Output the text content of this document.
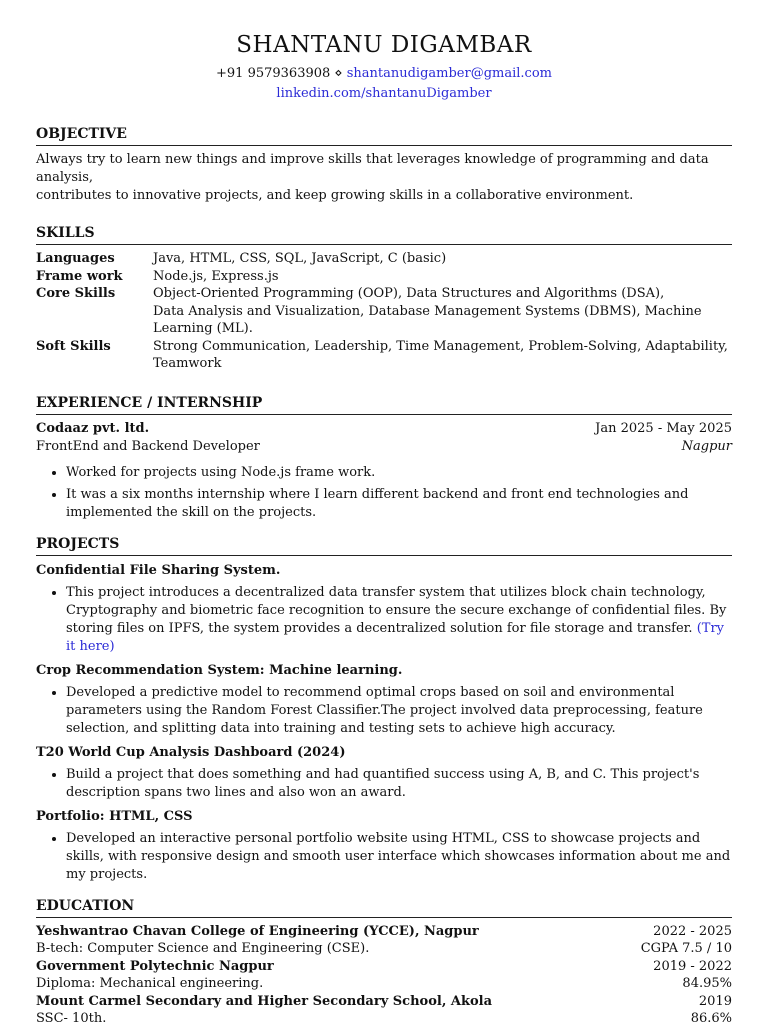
SHANTANU DIGAMBAR
+91 9579363908 ⋄ shantanudigamber@gmail.com
linkedin.com/shantanuDigamber
OBJECTIVE
Always try to learn new things and improve skills that leverages knowledge of programming and data analysis,
contributes to innovative projects, and keep growing skills in a collaborative environment.
SKILLS
Languages	Java, HTML, CSS, SQL, JavaScript, C (basic)
Frame work	Node.js, Express.js
Core Skills	Object-Oriented Programming (OOP), Data Structures and Algorithms (DSA),
Data Analysis and Visualization, Database Management Systems (DBMS), Machine Learning (ML).
Soft Skills	Strong Communication, Leadership, Time Management, Problem-Solving, Adaptability, Teamwork
EXPERIENCE / INTERNSHIP
Codaaz pvt. ltd.	Jan 2025 - May 2025
FrontEnd and Backend Developer	Nagpur
• Worked for projects using Node.js frame work.
• It was a six months internship where I learn different backend and front end technologies and implemented the skill on the projects.
PROJECTS
Confidential File Sharing System.
• This project introduces a decentralized data transfer system that utilizes block chain technology, Cryptography and biometric face recognition to ensure the secure exchange of confidential files. By storing files on IPFS, the system provides a decentralized solution for file storage and transfer. (Try it here)
Crop Recommendation System: Machine learning.
• Developed a predictive model to recommend optimal crops based on soil and environmental parameters using the Random Forest Classifier.The project involved data preprocessing, feature selection, and splitting data into training and testing sets to achieve high accuracy.
T20 World Cup Analysis Dashboard (2024)
• Build a project that does something and had quantified success using A, B, and C. This project's description spans two lines and also won an award.
Portfolio: HTML, CSS
• Developed an interactive personal portfolio website using HTML, CSS to showcase projects and skills, with responsive design and smooth user interface which showcases information about me and my projects.
EDUCATION
Yeshwantrao Chavan College of Engineering (YCCE), Nagpur	2022 - 2025
B-tech: Computer Science and Engineering (CSE).	CGPA 7.5 / 10
Government Polytechnic Nagpur	2019 - 2022
Diploma: Mechanical engineering.	84.95%
Mount Carmel Secondary and Higher Secondary School, Akola	2019
SSC- 10th.	86.6%
